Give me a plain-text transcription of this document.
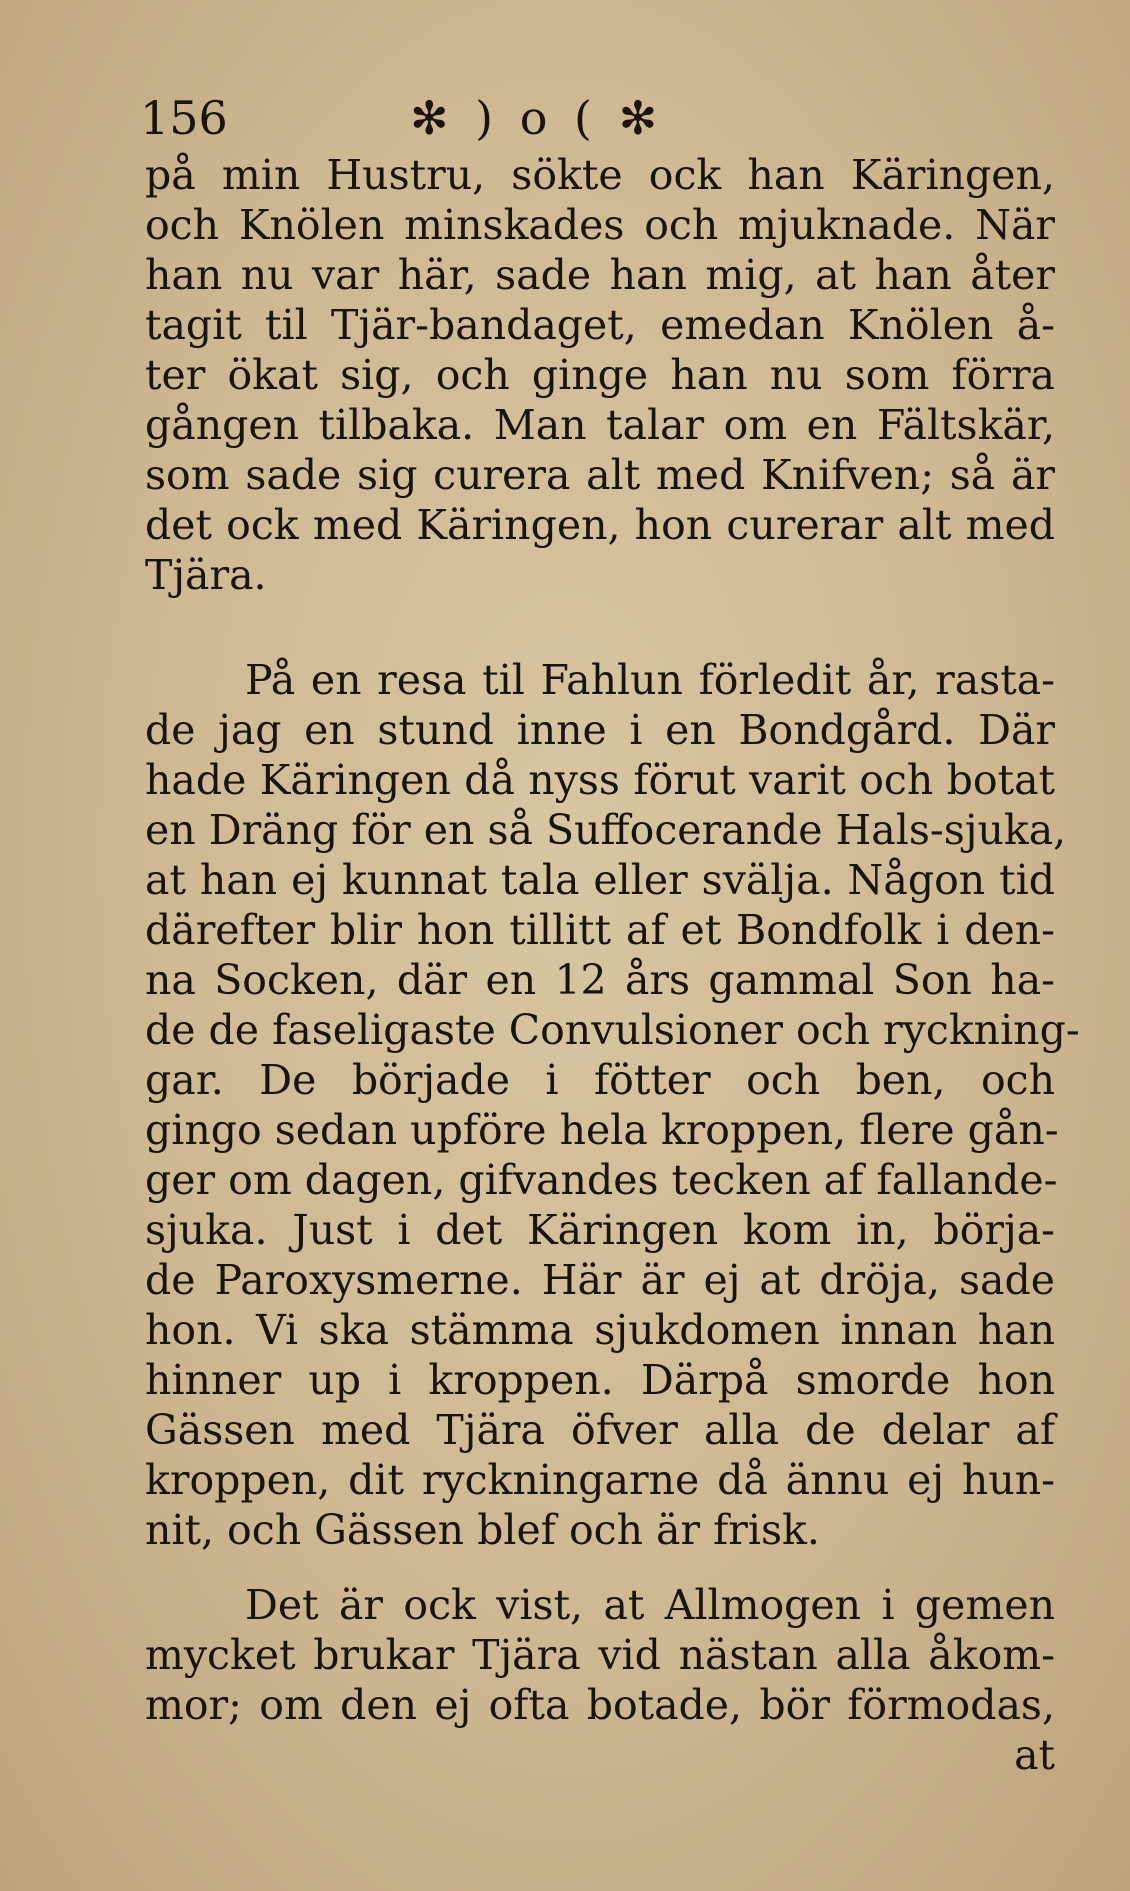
156	✻ ) o ( ✻
på min Hustru, sökte ock han Käringen,
och Knölen minskades och mjuknade. När
han nu var här, sade han mig, at han åter
tagit til Tjär-bandaget, emedan Knölen å-
ter ökat sig, och ginge han nu som förra
gången tilbaka. Man talar om en Fältskär,
som sade sig curera alt med Knifven; så är
det ock med Käringen, hon curerar alt med
Tjära.
På en resa til Fahlun förledit år, rasta-
de jag en stund inne i en Bondgård. Där
hade Käringen då nyss förut varit och botat
en Dräng för en så Suffocerande Hals-sjuka,
at han ej kunnat tala eller svälja. Någon tid
därefter blir hon tillitt af et Bondfolk i den-
na Socken, där en 12 års gammal Son ha-
de de faseligaste Convulsioner och ryckning-
gar. De började i fötter och ben, och
gingo sedan upföre hela kroppen, flere gån-
ger om dagen, gifvandes tecken af fallande-
sjuka. Just i det Käringen kom in, börja-
de Paroxysmerne. Här är ej at dröja, sade
hon. Vi ska stämma sjukdomen innan han
hinner up i kroppen. Därpå smorde hon
Gässen med Tjära öfver alla de delar af
kroppen, dit ryckningarne då ännu ej hun-
nit, och Gässen blef och är frisk.
Det är ock vist, at Allmogen i gemen
mycket brukar Tjära vid nästan alla åkom-
mor; om den ej ofta botade, bör förmodas,
at
